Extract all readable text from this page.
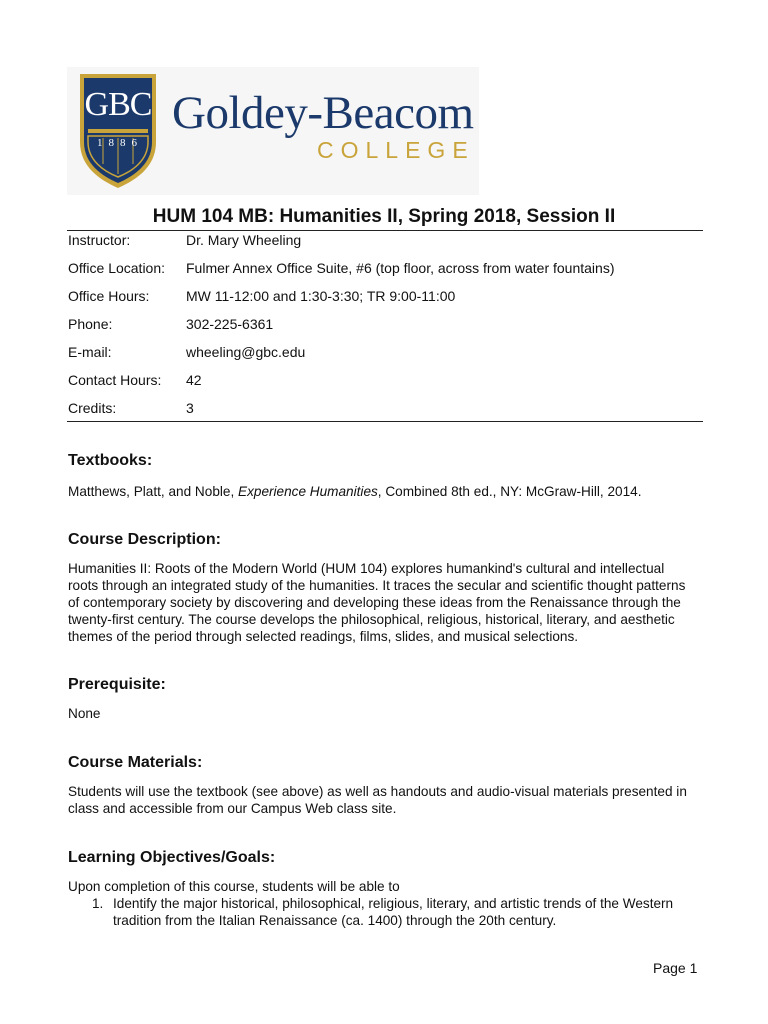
GBC
1886
Goldey-Beacom
COLLEGE
HUM 104 MB: Humanities II, Spring 2018, Session II
Instructor:	Dr. Mary Wheeling
Office Location: Fulmer Annex Office Suite, #6 (top floor, across from water fountains)
Office Hours:	MW 11-12:00 and 1:30-3:30; TR 9:00-11:00
Phone:	302-225-6361
E-mail:	wheeling@gbc.edu
Contact Hours: 42
Credits:	3
Textbooks:
Matthews, Platt, and Noble, Experience Humanities, Combined 8th ed., NY: McGraw-Hill, 2014.
Course Description:
Humanities II: Roots of the Modern World (HUM 104) explores humankind's cultural and intellectual
roots through an integrated study of the humanities. It traces the secular and scientific thought patterns
of contemporary society by discovering and developing these ideas from the Renaissance through the
twenty-first century. The course develops the philosophical, religious, historical, literary, and aesthetic
themes of the period through selected readings, films, slides, and musical selections.
Prerequisite:
None
Course Materials:
Students will use the textbook (see above) as well as handouts and audio-visual materials presented in
class and accessible from our Campus Web class site.
Learning Objectives/Goals:
Upon completion of this course, students will be able to
1. Identify the major historical, philosophical, religious, literary, and artistic trends of the Western
tradition from the Italian Renaissance (ca. 1400) through the 20th century.
Page 1
